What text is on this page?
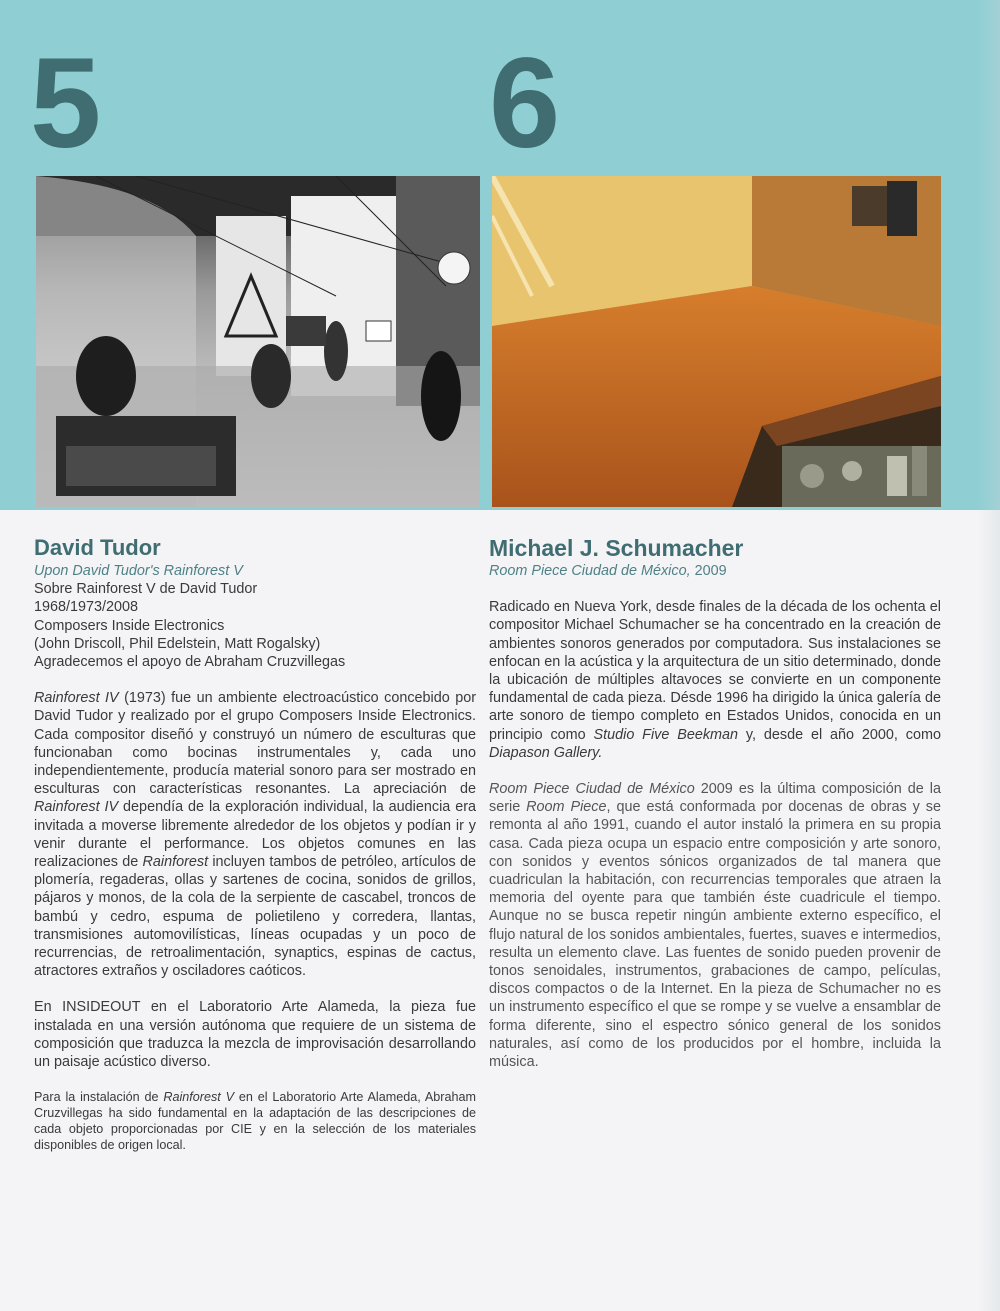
5	6
David Tudor
Upon David Tudor's Rainforest V
Sobre Rainforest V de David Tudor
1968/1973/2008
Composers Inside Electronics
(John Driscoll, Phil Edelstein, Matt Rogalsky)
Agradecemos el apoyo de Abraham Cruzvillegas

Rainforest IV (1973) fue un ambiente electroacústico concebido por David Tudor y realizado por el grupo Composers Inside Electronics. Cada compositor diseñó y construyó un número de esculturas que funcionaban como bocinas instrumentales y, cada uno independientemente, producía material sonoro para ser mostrado en esculturas con características resonantes. La apreciación de Rainforest IV dependía de la exploración individual, la audiencia era invitada a moverse libremente alrededor de los objetos y podían ir y venir durante el performance. Los objetos comunes en las realizaciones de Rainforest incluyen tambos de petróleo, artículos de plomería, regaderas, ollas y sartenes de cocina, sonidos de grillos, pájaros y monos, de la cola de la serpiente de cascabel, troncos de bambú y cedro, espuma de polietileno y corredera, llantas, transmisiones automovilísticas, líneas ocupadas y un poco de recurrencias, de retroalimentación, synaptics, espinas de cactus, atractores extraños y osciladores caóticos.

En INSIDEOUT en el Laboratorio Arte Alameda, la pieza fue instalada en una versión autónoma que requiere de un sistema de composición que traduzca la mezcla de improvisación desarrollando un paisaje acústico diverso.

Para la instalación de Rainforest V en el Laboratorio Arte Alameda, Abraham Cruzvillegas ha sido fundamental en la adaptación de las descripciones de cada objeto proporcionadas por CIE y en la selección de los materiales disponibles de origen local.

Michael J. Schumacher
Room Piece Ciudad de México, 2009

Radicado en Nueva York, desde finales de la década de los ochenta el compositor Michael Schumacher se ha concentrado en la creación de ambientes sonoros generados por computadora. Sus instalaciones se enfocan en la acústica y la arquitectura de un sitio determinado, donde la ubicación de múltiples altavoces se convierte en un componente fundamental de cada pieza. Désde 1996 ha dirigido la única galería de arte sonoro de tiempo completo en Estados Unidos, conocida en un principio como Studio Five Beekman y, desde el año 2000, como Diapason Gallery.

Room Piece Ciudad de México 2009 es la última composición de la serie Room Piece, que está conformada por docenas de obras y se remonta al año 1991, cuando el autor instaló la primera en su propia casa. Cada pieza ocupa un espacio entre composición y arte sonoro, con sonidos y eventos sónicos organizados de tal manera que cuadriculan la habitación, con recurrencias temporales que atraen la memoria del oyente para que también éste cuadricule el tiempo. Aunque no se busca repetir ningún ambiente externo específico, el flujo natural de los sonidos ambientales, fuertes, suaves e intermedios, resulta un elemento clave. Las fuentes de sonido pueden provenir de tonos senoidales, instrumentos, grabaciones de campo, películas, discos compactos o de la Internet. En la pieza de Schumacher no es un instrumento específico el que se rompe y se vuelve a ensamblar de forma diferente, sino el espectro sónico general de los sonidos naturales, así como de los producidos por el hombre, incluida la música.
